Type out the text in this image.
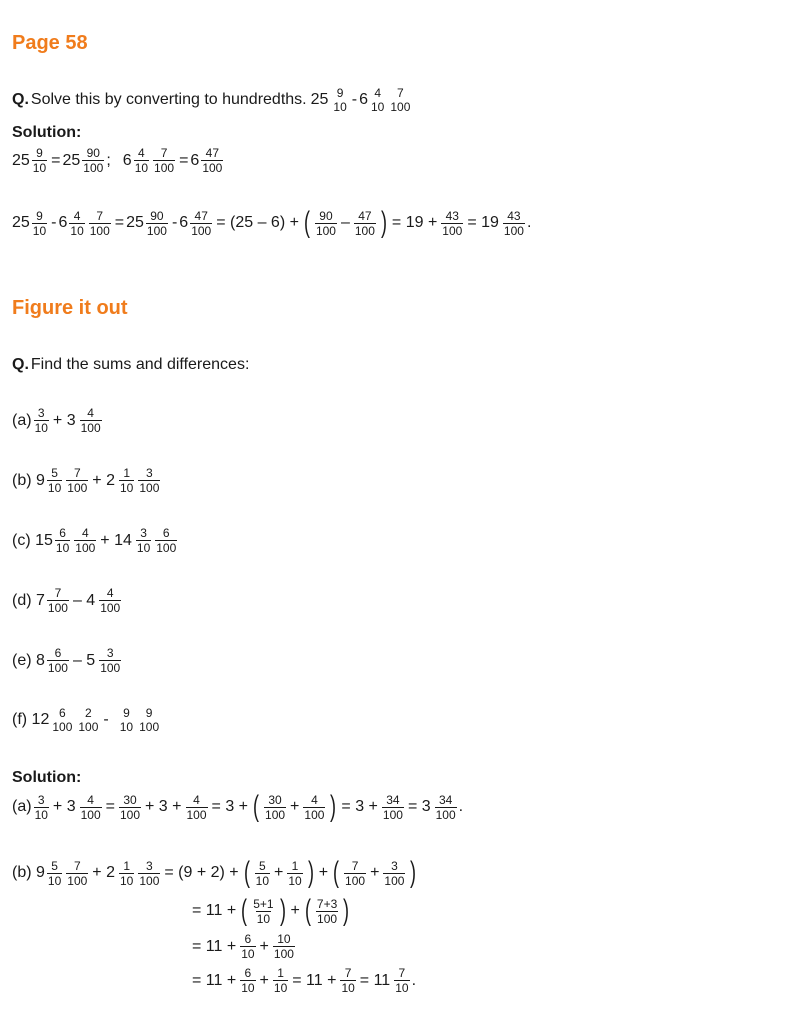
Page 58
Q. Solve this by converting to hundredths. 25 9
10 - 6 4
10
7
100
Solution:
$25 \frac{9}{10} = 25 \frac{90}{100}$ ; $6 \frac{4}{10} \frac{7}{100} = 6 \frac{47}{100}$
$25 \frac{9}{10} - 6 \frac{4}{10} \frac{7}{100} = 25 \frac{90}{100} - 6 \frac{47}{100} = (25 - 6)$ + ( $\frac{90}{100} - \frac{47}{100}$ ) = $19 + \frac{43}{100} = 19 \frac{43}{100}$ .
Figure it out
Q. Find the sums and differences:
$(a) \frac{3}{10} + 3 \frac{4}{100}$
(b) $9 \frac{5}{10} \frac{7}{100} + 2 \frac{1}{10} \frac{3}{100}$
(c) $15 \frac{6}{10} \frac{4}{100} + 14 \frac{3}{10} \frac{6}{100}$
(d) $7 \frac{7}{100} - 4 \frac{4}{100}$
(e) $8 \frac{6}{100} - 5 \frac{3}{100}$
(f) 12 6
100
2
100 - 9
10
9
100
Solution:
$(a) \frac{3}{10} + 3 \frac{4}{100} = \frac{30}{100} + 3 + \frac{4}{100} = 3$ + ( $\frac{30}{100} + \frac{4}{100}$ ) = $3 + \frac{34}{100} = 3 \frac{34}{100}$ .
(b) $9 \frac{5}{10} \frac{7}{100} + 2 \frac{1}{10} \frac{3}{100} = (9 + 2)$ + ( $\frac{5}{10} + \frac{1}{10}$ ) + ( $\frac{7}{100} + \frac{3}{100}$ )
= 11 + ( $\frac{5+1}{10}$ ) + ( $\frac{7+3}{100}$ )
= $11 + \frac{6}{10} + \frac{10}{100}$
= $11 + \frac{6}{10} + \frac{1}{10} = 11 + \frac{7}{10} = 11 \frac{7}{10}$ .
